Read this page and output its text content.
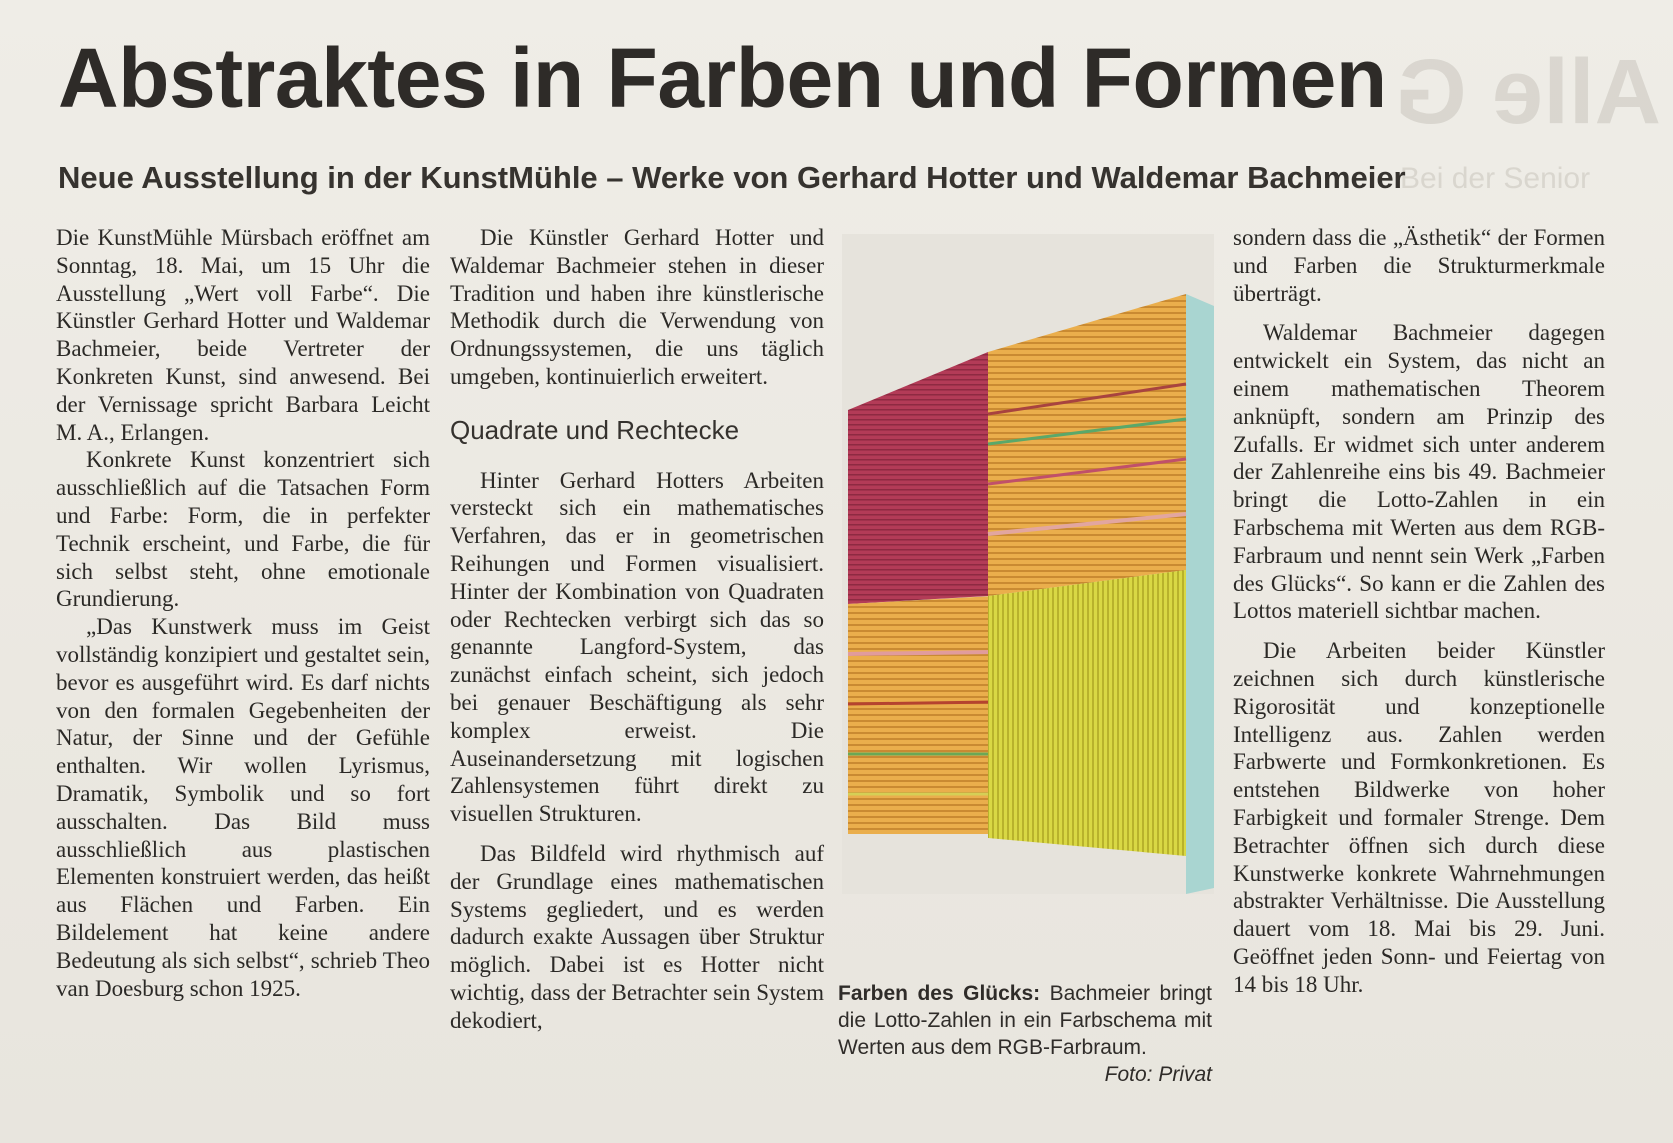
Alle G
Bei der Senior
Abstraktes in Farben und Formen
Neue Ausstellung in der KunstMühle – Werke von Gerhard Hotter und Waldemar Bachmeier

Die KunstMühle Mürsbach eröffnet am Sonntag, 18. Mai, um 15 Uhr die Ausstellung „Wert voll Farbe“. Die Künstler Gerhard Hotter und Waldemar Bachmeier, beide Vertreter der Konkreten Kunst, sind anwesend. Bei der Vernissage spricht Barbara Leicht M. A., Erlangen.

Konkrete Kunst konzentriert sich ausschließlich auf die Tatsachen Form und Farbe: Form, die in perfekter Technik erscheint, und Farbe, die für sich selbst steht, ohne emotionale Grundierung.

„Das Kunstwerk muss im Geist vollständig konzipiert und gestaltet sein, bevor es ausgeführt wird. Es darf nichts von den formalen Gegebenheiten der Natur, der Sinne und der Gefühle enthalten. Wir wollen Lyrismus, Dramatik, Symbolik und so fort ausschalten. Das Bild muss ausschließlich aus plastischen Elementen konstruiert werden, das heißt aus Flächen und Farben. Ein Bildelement hat keine andere Bedeutung als sich selbst“, schrieb Theo van Doesburg schon 1925.

Die Künstler Gerhard Hotter und Waldemar Bachmeier stehen in dieser Tradition und haben ihre künstlerische Methodik durch die Verwendung von Ordnungssystemen, die uns täglich umgeben, kontinuierlich erweitert.

Quadrate und Rechtecke

Hinter Gerhard Hotters Arbeiten versteckt sich ein mathematisches Verfahren, das er in geometrischen Reihungen und Formen visualisiert. Hinter der Kombination von Quadraten oder Rechtecken verbirgt sich das so genannte Langford-System, das zunächst einfach scheint, sich jedoch bei genauer Beschäftigung als sehr komplex erweist. Die Auseinandersetzung mit logischen Zahlensystemen führt direkt zu visuellen Strukturen.

Das Bildfeld wird rhythmisch auf der Grundlage eines mathematischen Systems gegliedert, und es werden dadurch exakte Aussagen über Struktur möglich. Dabei ist es Hotter nicht wichtig, dass der Betrachter sein System dekodiert,

Farben des Glücks: Bachmeier bringt die Lotto-Zahlen in ein Farbschema mit Werten aus dem RGB-Farbraum.
Foto: Privat

sondern dass die „Ästhetik“ der Formen und Farben die Strukturmerkmale überträgt.

Waldemar Bachmeier dagegen entwickelt ein System, das nicht an einem mathematischen Theorem anknüpft, sondern am Prinzip des Zufalls. Er widmet sich unter anderem der Zahlenreihe eins bis 49. Bachmeier bringt die Lotto-Zahlen in ein Farbschema mit Werten aus dem RGB-Farbraum und nennt sein Werk „Farben des Glücks“. So kann er die Zahlen des Lottos materiell sichtbar machen.

Die Arbeiten beider Künstler zeichnen sich durch künstlerische Rigorosität und konzeptionelle Intelligenz aus. Zahlen werden Farbwerte und Formkonkretionen. Es entstehen Bildwerke von hoher Farbigkeit und formaler Strenge. Dem Betrachter öffnen sich durch diese Kunstwerke konkrete Wahrnehmungen abstrakter Verhältnisse. Die Ausstellung dauert vom 18. Mai bis 29. Juni. Geöffnet jeden Sonn- und Feiertag von 14 bis 18 Uhr.
